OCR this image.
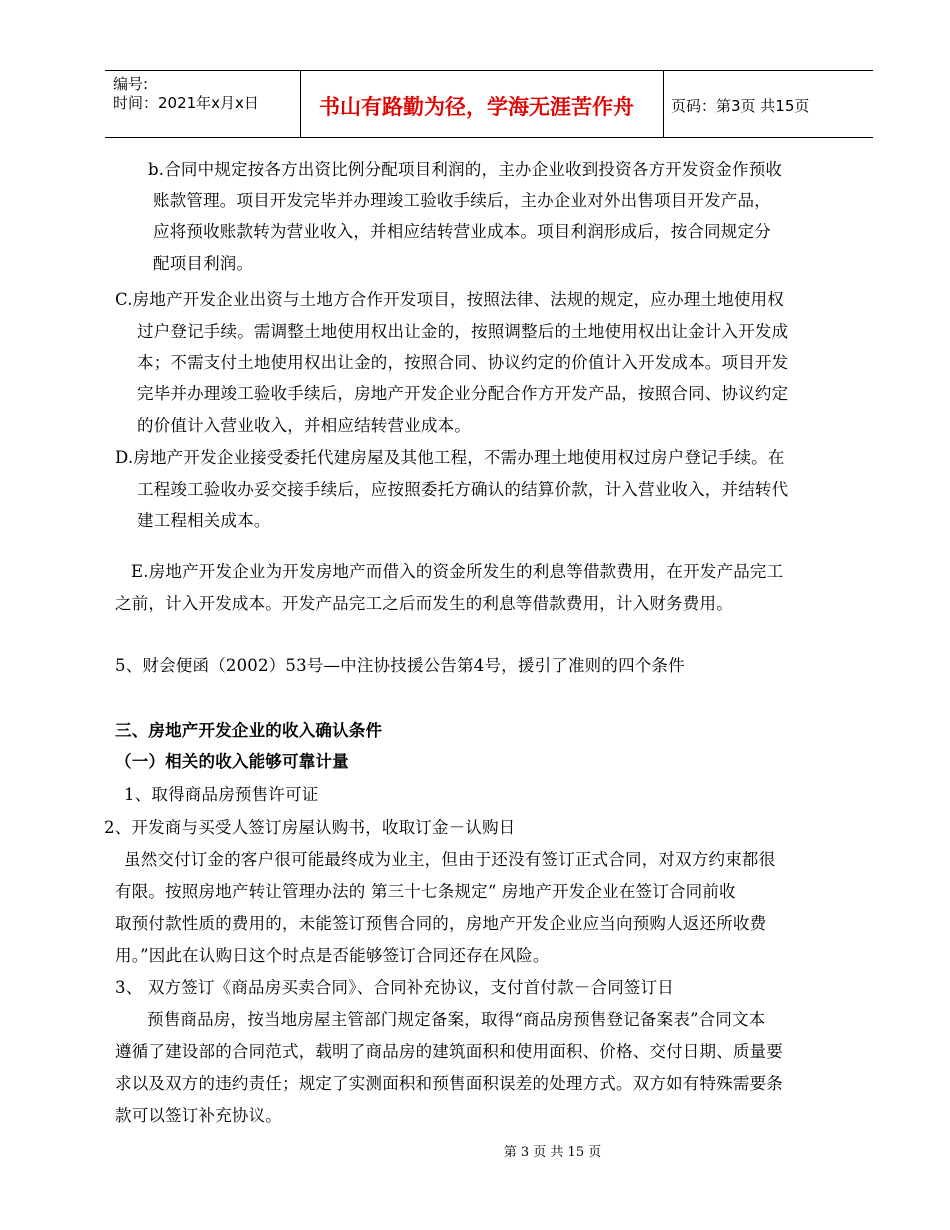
编号:
时间：2021年x月x日	书山有路勤为径，学海无涯苦作舟 页码：第3页 共15页
b.合同中规定按各方出资比例分配项目利润的，主办企业收到投资各方开发资金作预收
账款管理。项目开发完毕并办理竣工验收手续后，主办企业对外出售项目开发产品，
应将预收账款转为营业收入，并相应结转营业成本。项目利润形成后，按合同规定分
配项目利润。
C.房地产开发企业出资与土地方合作开发项目，按照法律、法规的规定，应办理土地使用权
过户登记手续。需调整土地使用权出让金的，按照调整后的土地使用权出让金计入开发成
本；不需支付土地使用权出让金的，按照合同、协议约定的价值计入开发成本。项目开发
完毕并办理竣工验收手续后，房地产开发企业分配合作方开发产品，按照合同、协议约定
的价值计入营业收入，并相应结转营业成本。
D.房地产开发企业接受委托代建房屋及其他工程，不需办理土地使用权过房户登记手续。在
工程竣工验收办妥交接手续后，应按照委托方确认的结算价款，计入营业收入，并结转代
建工程相关成本。
E.房地产开发企业为开发房地产而借入的资金所发生的利息等借款费用，在开发产品完工
之前，计入开发成本。开发产品完工之后而发生的利息等借款费用，计入财务费用。
5、财会便函（2002）53号—中注协技援公告第4号，援引了准则的四个条件
三、房地产开发企业的收入确认条件
（一）相关的收入能够可靠计量
1、取得商品房预售许可证
2、开发商与买受人签订房屋认购书，收取订金－认购日
虽然交付订金的客户很可能最终成为业主，但由于还没有签订正式合同，对双方约束都很
有限。按照房地产转让管理办法的 第三十七条规定“ 房地产开发企业在签订合同前收
取预付款性质的费用的，未能签订预售合同的，房地产开发企业应当向预购人返还所收费
用。”因此在认购日这个时点是否能够签订合同还存在风险。
3、 双方签订《商品房买卖合同》、合同补充协议，支付首付款－合同签订日
预售商品房，按当地房屋主管部门规定备案，取得“商品房预售登记备案表”合同文本
遵循了建设部的合同范式，载明了商品房的建筑面积和使用面积、价格、交付日期、质量要
求以及双方的违约责任；规定了实测面积和预售面积误差的处理方式。双方如有特殊需要条
款可以签订补充协议。
第 3 页 共 15 页
